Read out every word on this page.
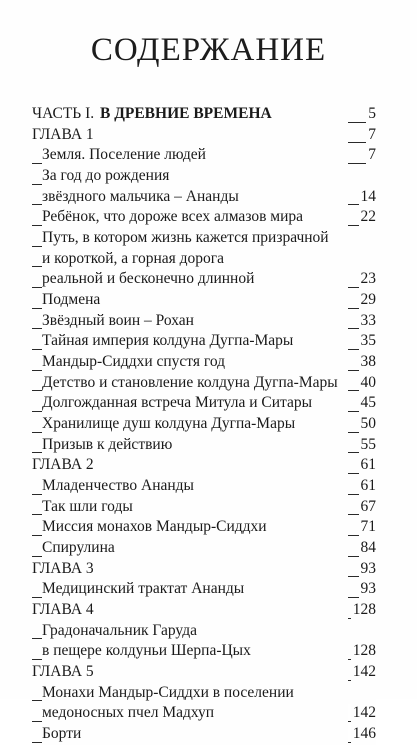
СОДЕРЖАНИЕ
ЧАСТЬ I. В ДРЕВНИЕ ВРЕМЕНА	5
ГЛАВА 1	7
Земля. Поселение людей	7
За год до рождения
звёздного мальчика – Ананды	14
Ребёнок, что дороже всех алмазов мира	22
Путь, в котором жизнь кажется призрачной
и короткой, а горная дорога
реальной и бесконечно длинной	23
Подмена	29
Звёздный воин – Рохан	33
Тайная империя колдуна Дугпа-Мары	35
Мандыр-Сиддхи спустя год	38
Детство и становление колдуна Дугпа-Мары	40
Долгожданная встреча Митула и Ситары	45
Хранилище душ колдуна Дугпа-Мары	50
Призыв к действию	55
ГЛАВА 2	61
Младенчество Ананды	61
Так шли годы	67
Миссия монахов Мандыр-Сиддхи	71
Спирулина	84
ГЛАВА 3	93
Медицинский трактат Ананды	93
ГЛАВА 4	128
Градоначальник Гаруда
в пещере колдуньи Шерпа-Цых	128
ГЛАВА 5	142
Монахи Мандыр-Сиддхи в поселении
медоносных пчел Мадхуп	142
Борти	146
